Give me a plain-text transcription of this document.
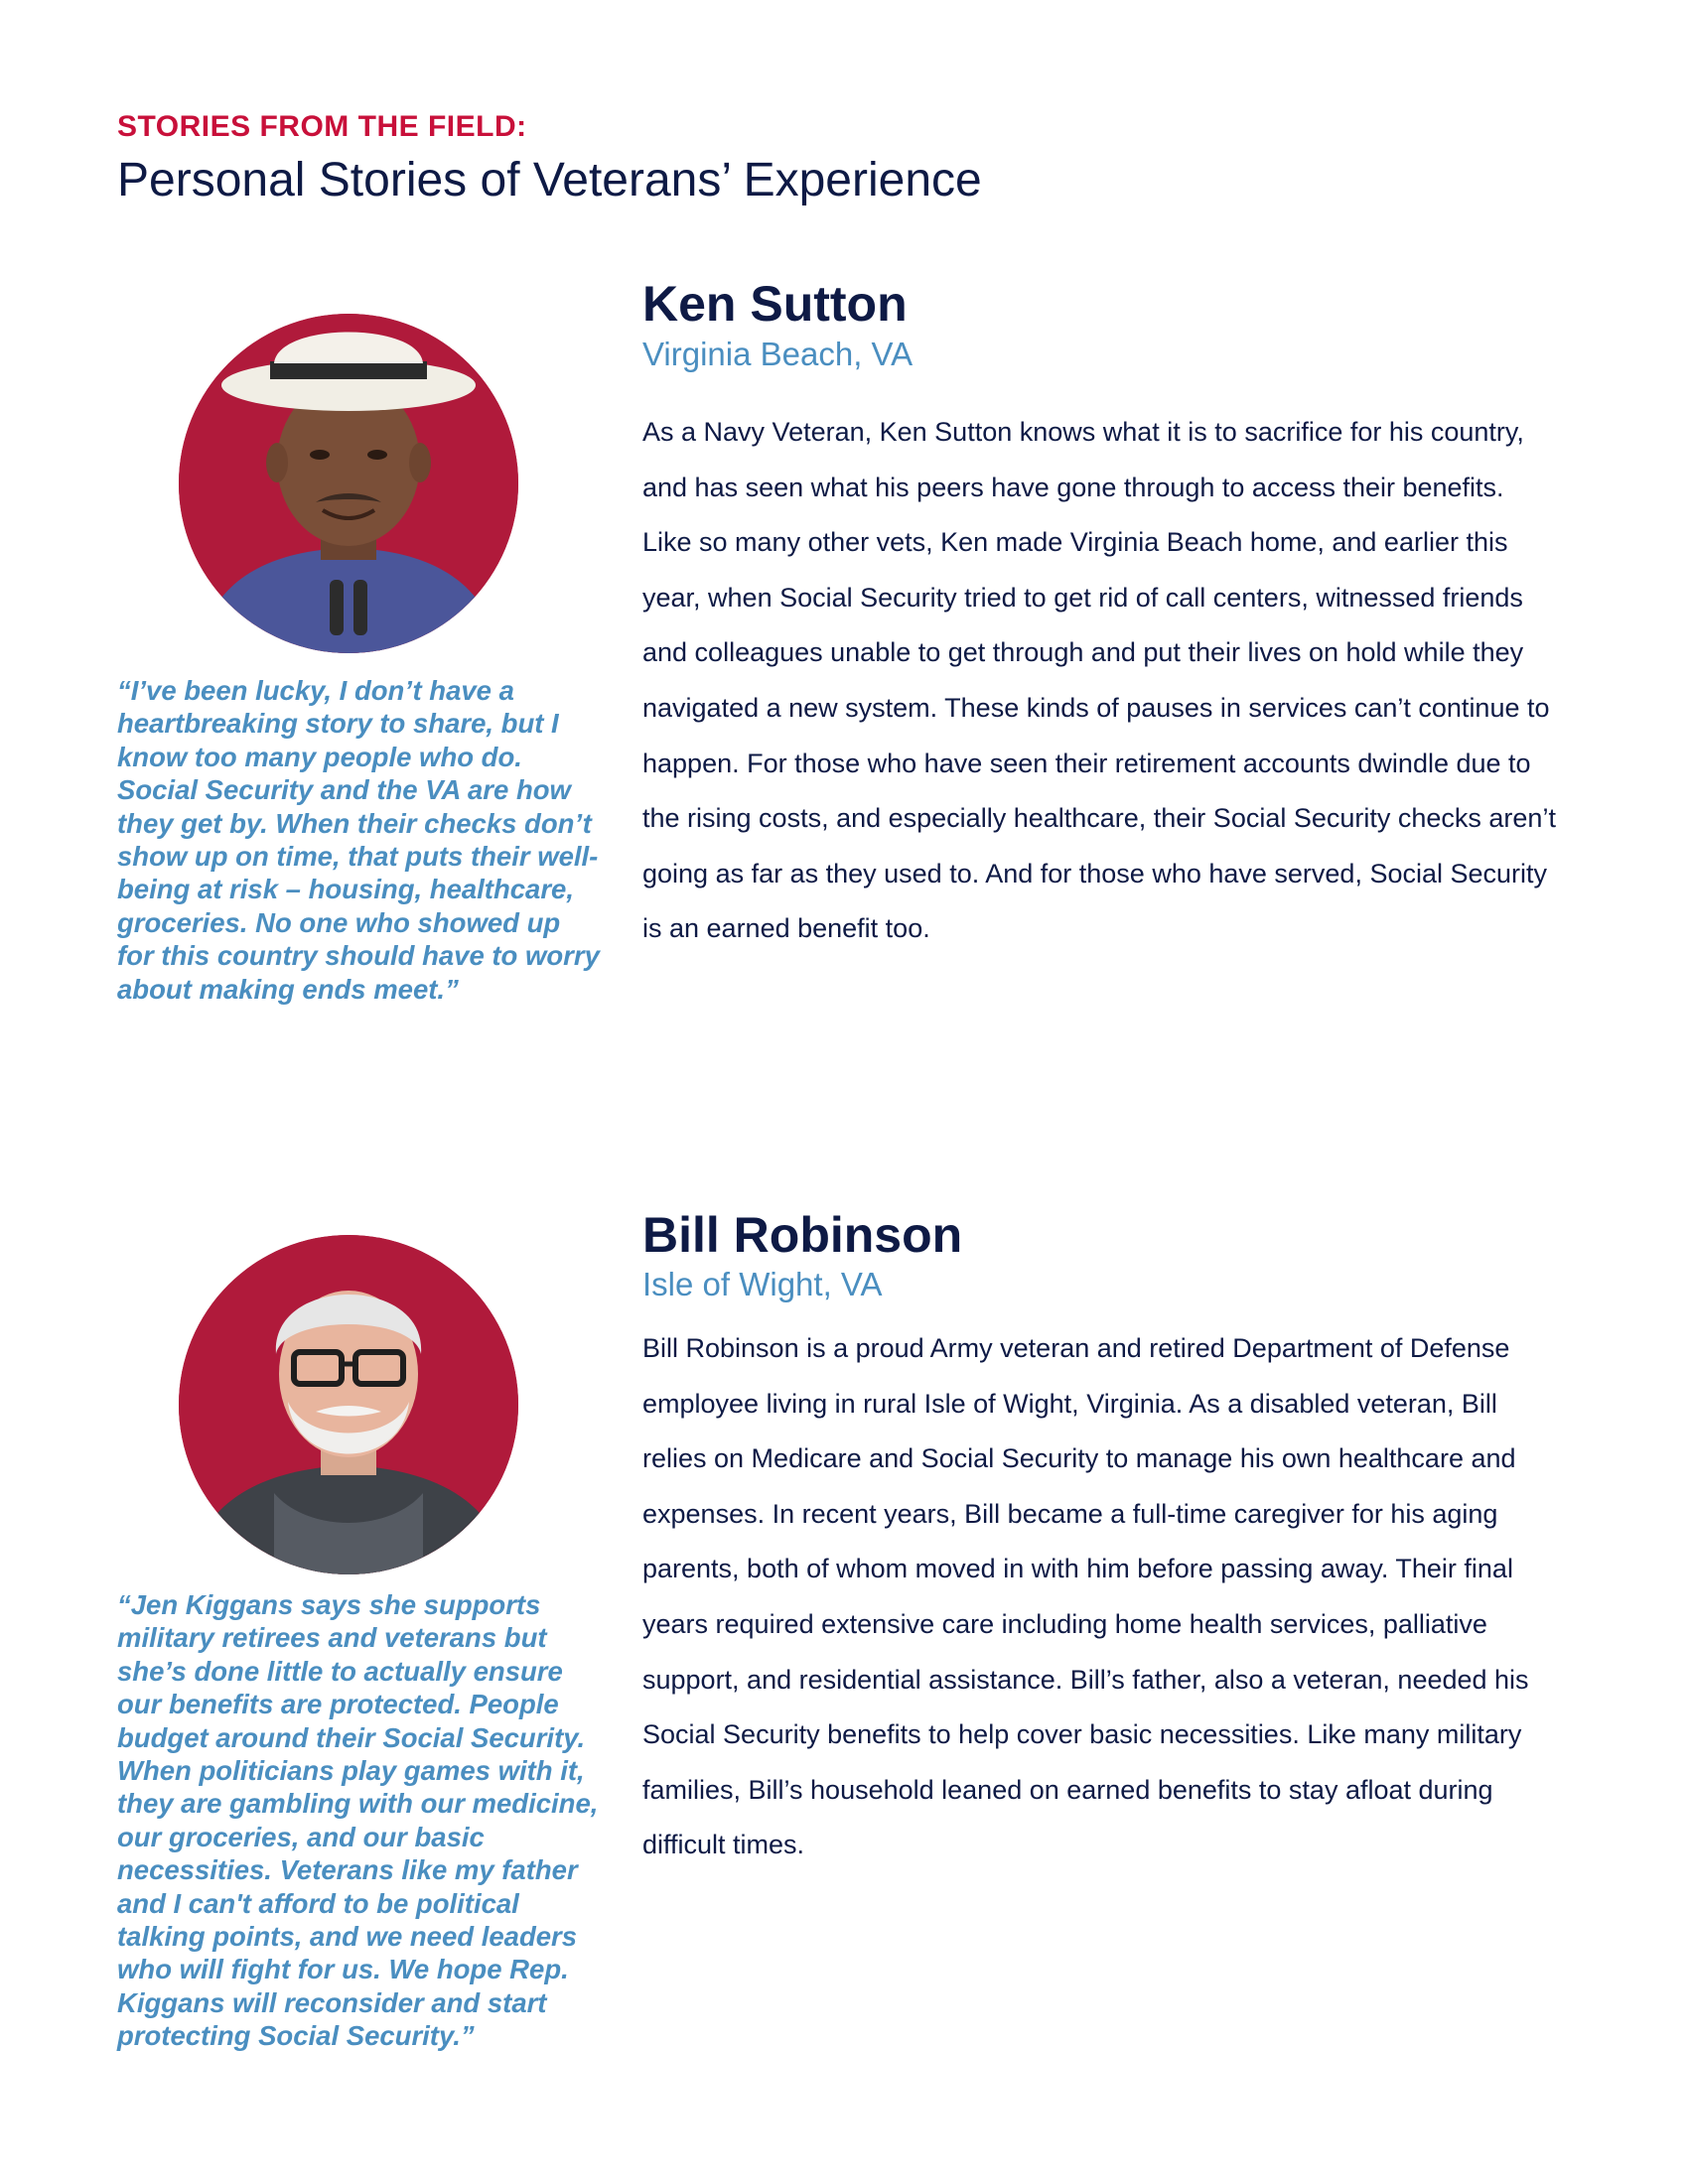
STORIES FROM THE FIELD:
Personal Stories of Veterans’ Experience
Ken Sutton
Virginia Beach, VA
As a Navy Veteran, Ken Sutton knows what it is to sacrifice for his country, and has seen what his peers have gone through to access their benefits. Like so many other vets, Ken made Virginia Beach home, and earlier this year, when Social Security tried to get rid of call centers, witnessed friends and colleagues unable to get through and put their lives on hold while they navigated a new system. These kinds of pauses in services can’t continue to happen. For those who have seen their retirement accounts dwindle due to the rising costs, and especially healthcare, their Social Security checks aren’t going as far as they used to. And for those who have served, Social Security is an earned benefit too.
“I’ve been lucky, I don’t have a heartbreaking story to share, but I know too many people who do. Social Security and the VA are how they get by. When their checks don’t show up on time, that puts their well-being at risk – housing, healthcare, groceries. No one who showed up for this country should have to worry about making ends meet.”
Bill Robinson
Isle of Wight, VA
Bill Robinson is a proud Army veteran and retired Department of Defense employee living in rural Isle of Wight, Virginia. As a disabled veteran, Bill relies on Medicare and Social Security to manage his own healthcare and expenses. In recent years, Bill became a full-time caregiver for his aging parents, both of whom moved in with him before passing away. Their final years required extensive care including home health services, palliative support, and residential assistance. Bill’s father, also a veteran, needed his Social Security benefits to help cover basic necessities. Like many military families, Bill’s household leaned on earned benefits to stay afloat during difficult times.
“Jen Kiggans says she supports military retirees and veterans but she’s done little to actually ensure our benefits are protected. People budget around their Social Security. When politicians play games with it, they are gambling with our medicine, our groceries, and our basic necessities. Veterans like my father and I can't afford to be political talking points, and we need leaders who will fight for us. We hope Rep. Kiggans will reconsider and start protecting Social Security.”
